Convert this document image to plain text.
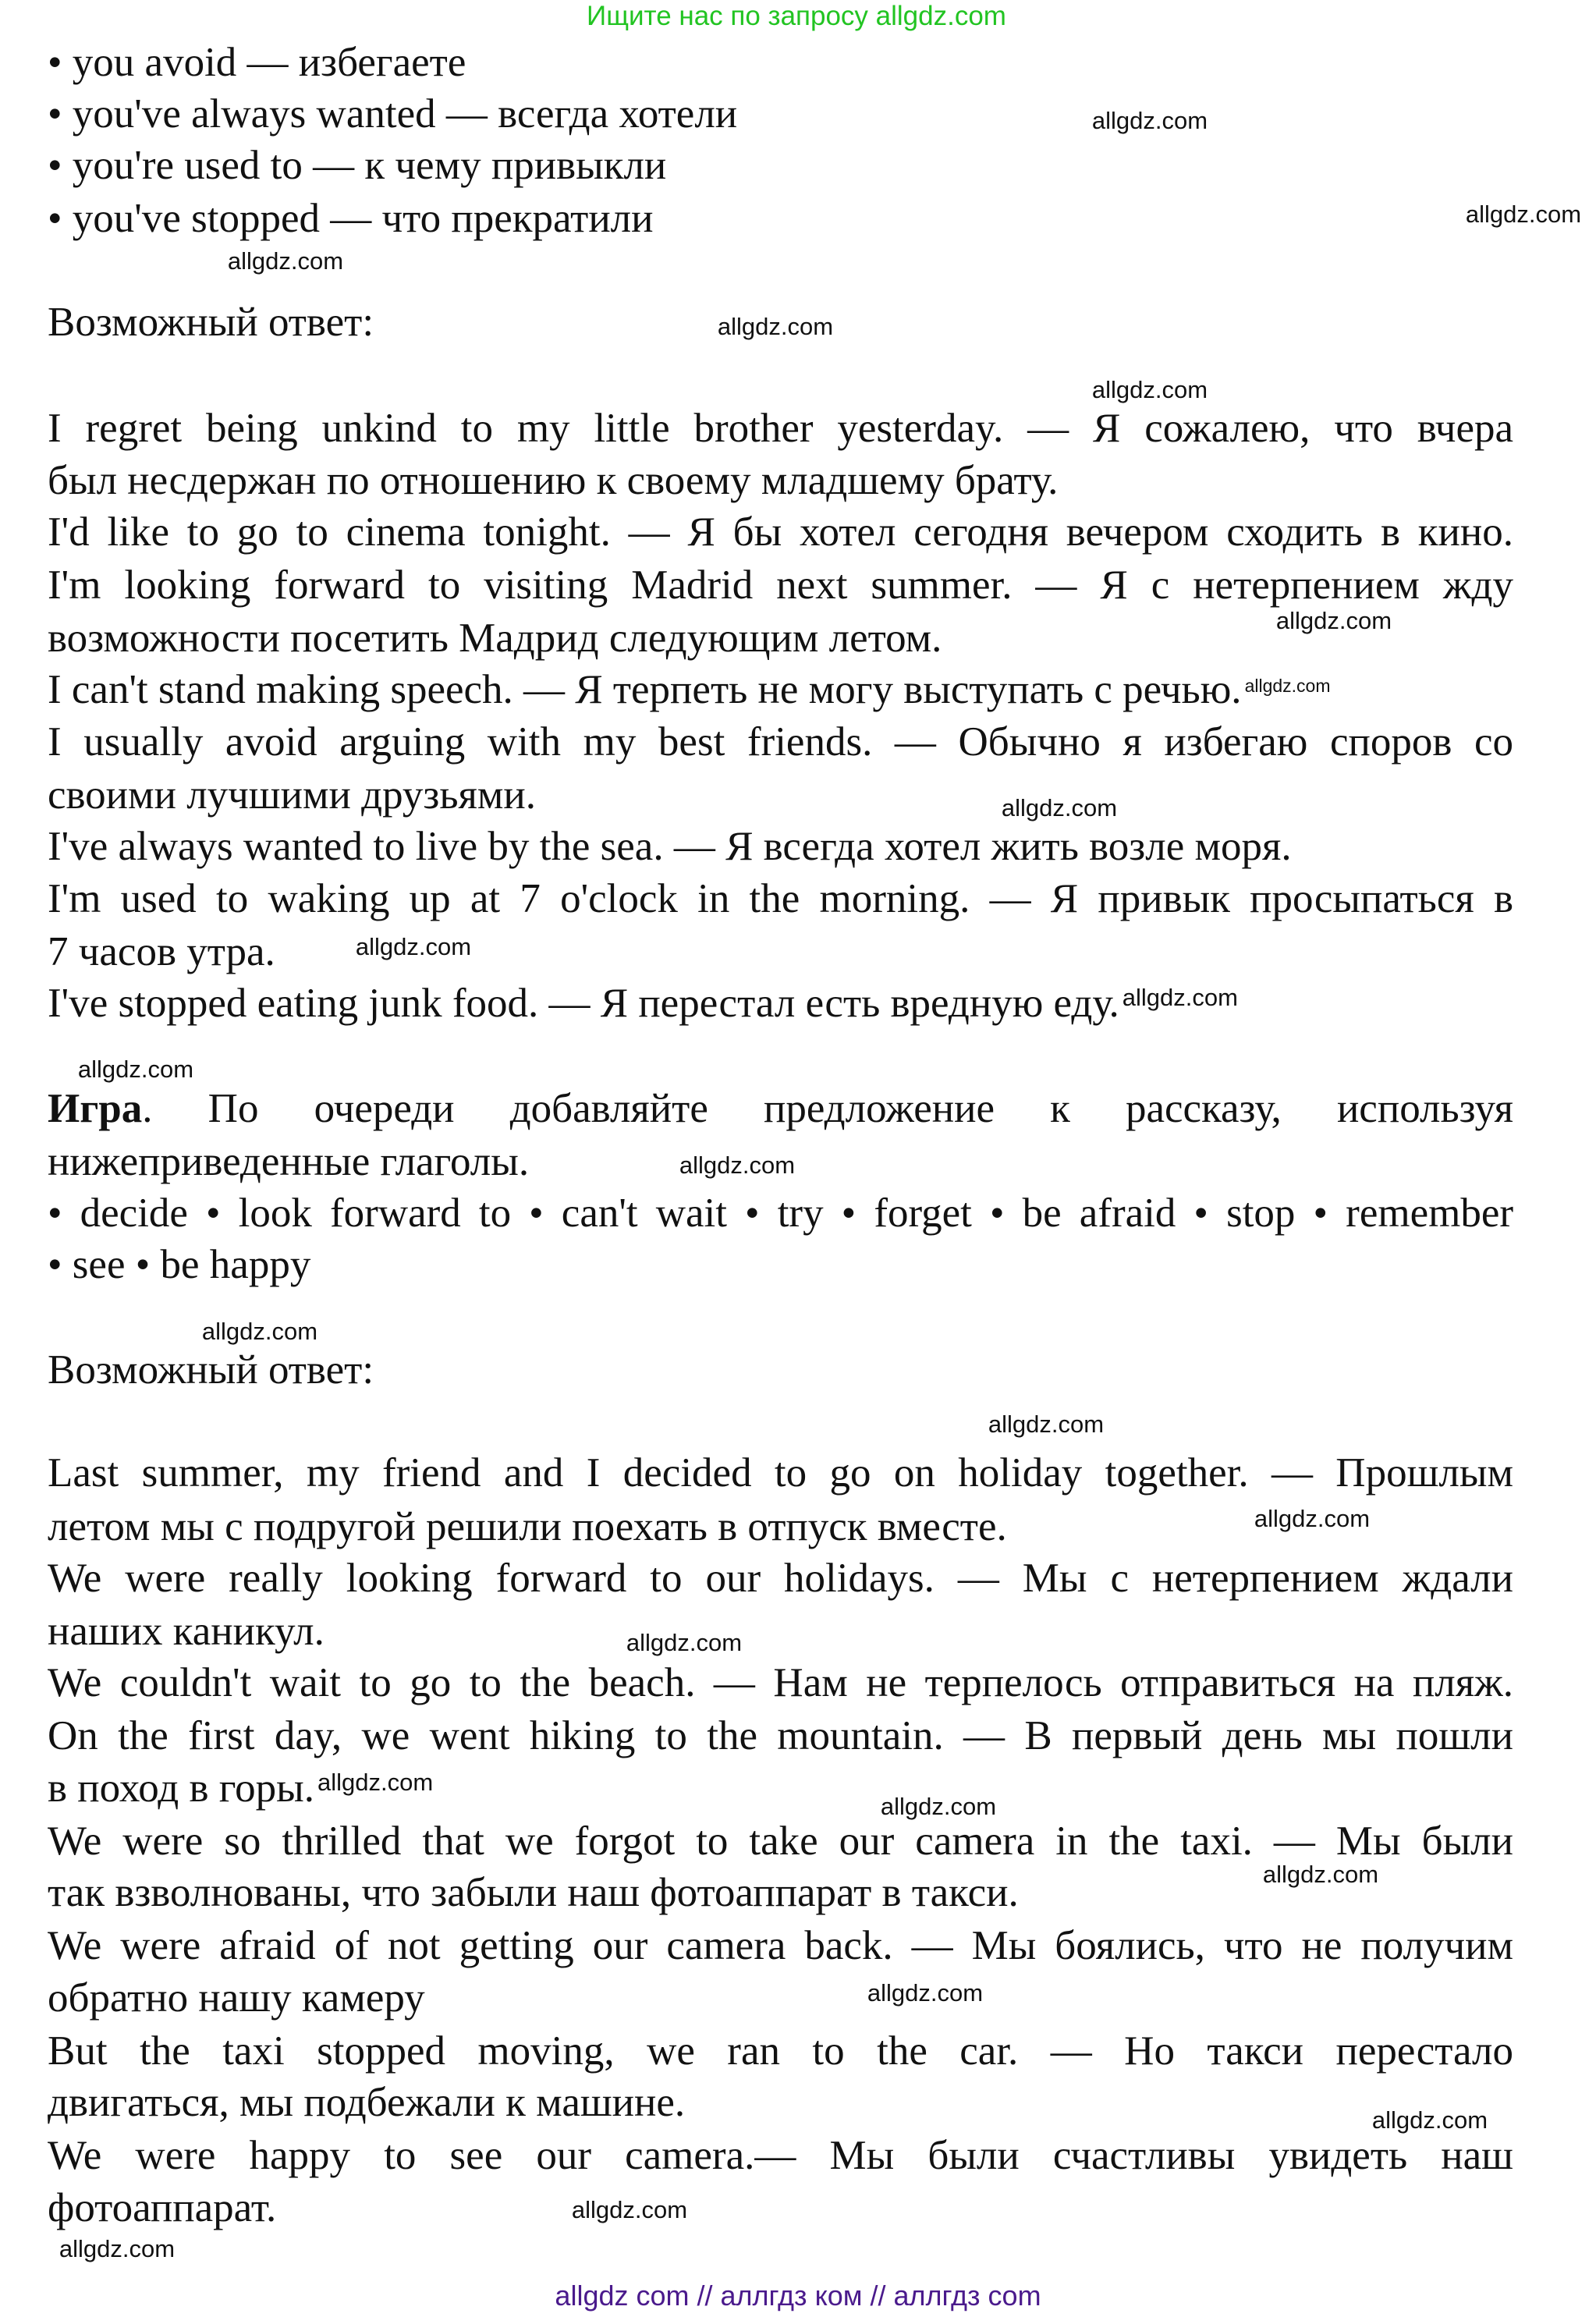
Ищите нас по запросу allgdz.com
• you avoid — избегаете
• you've always wanted — всегда хотели
• you're used to — к чему привыкли
• you've stopped — что прекратили
Возможный ответ:
I regret being unkind to my little brother yesterday. — Я сожалею, что вчера
был несдержан по отношению к своему младшему брату.
I'd like to go to cinema tonight. — Я бы хотел сегодня вечером сходить в кино.
I'm looking forward to visiting Madrid next summer. — Я с нетерпением жду
возможности посетить Мадрид следующим летом.
I can't stand making speech. — Я терпеть не могу выступать с речью. $^{allgdz.com}$
I usually avoid arguing with my best friends. — Обычно я избегаю споров со
своими лучшими друзьями.
I've always wanted to live by the sea. — Я всегда хотел жить возле моря.
I'm used to waking up at 7 o'clock in the morning. — Я привык просыпаться в
7 часов утра.
I've stopped eating junk food. — Я перестал есть вредную еду. $^{allgdz.com}$
Игра . По очереди добавляйте предложение к рассказу, используя
нижеприведенные глаголы.
• decide • look forward to • can't wait • try • forget • be afraid • stop • remember
• see • be happy
Возможный ответ:
Last summer, my friend and I decided to go on holiday together. — Прошлым
летом мы с подругой решили поехать в отпуск вместе.
We were really looking forward to our holidays. — Мы с нетерпением ждали
наших каникул.
We couldn't wait to go to the beach. — Нам не терпелось отправиться на пляж.
On the first day, we went hiking to the mountain. — В первый день мы пошли
в поход в горы. $^{allgdz.com}$
We were so thrilled that we forgot to take our camera in the taxi. — Мы были
так взволнованы, что забыли наш фотоаппарат в такси.
We were afraid of not getting our camera back. — Мы боялись, что не получим
обратно нашу камеру
But the taxi stopped moving, we ran to the car. — Но такси перестало
двигаться, мы подбежали к машине.
We were happy to see our camera.— Мы были счастливы увидеть наш
фотоаппарат.
allgdz.com
allgdz.com
allgdz.com
allgdz.com
allgdz.com
allgdz.com
allgdz.com
allgdz.com
allgdz.com
allgdz.com
allgdz.com
allgdz.com
allgdz.com
allgdz.com
allgdz.com
allgdz.com
allgdz.com
allgdz.com
allgdz.com
allgdz.com
allgdz com // аллгдз ком // аллгдз com
